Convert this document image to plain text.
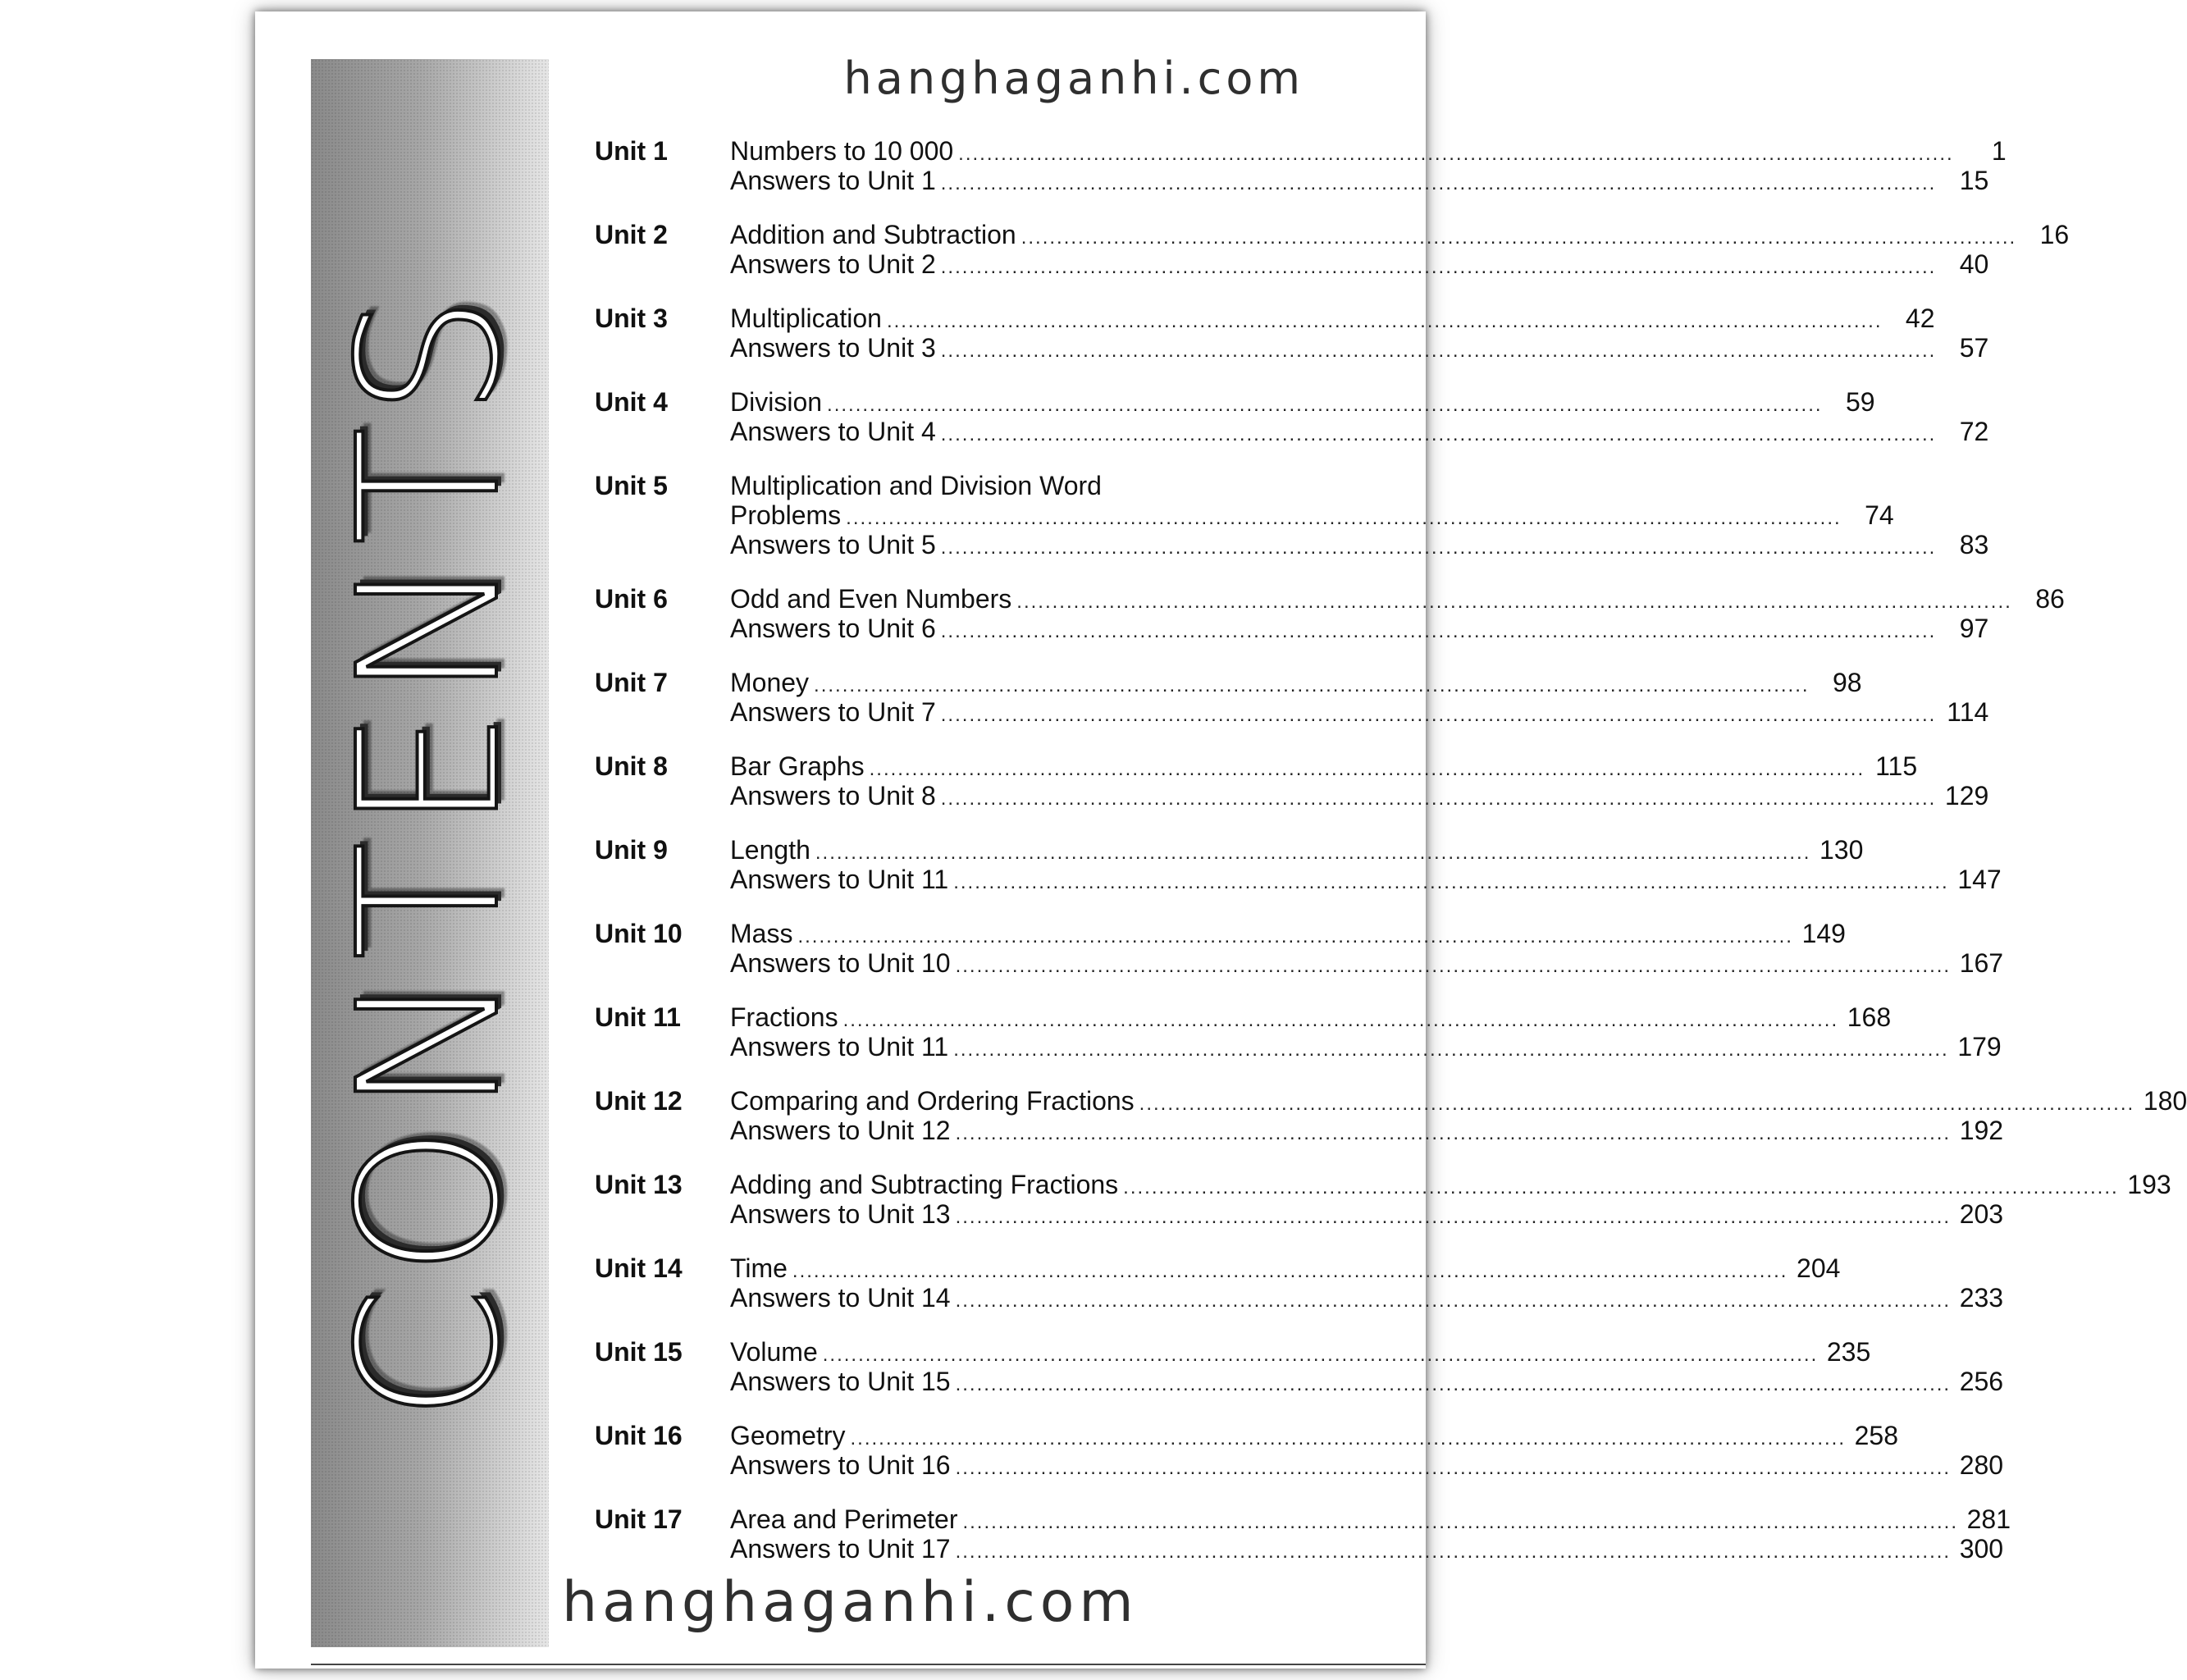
CONTENTS
hanghaganhi.com
Unit 1	Numbers to 10 000 ............................................................................................................................................	1
Answers to Unit 1 ............................................................................................................................................ 15
Unit 2	Addition and Subtraction ............................................................................................................................................ 16
Answers to Unit 2 ............................................................................................................................................ 40
Unit 3	Multiplication ............................................................................................................................................ 42
Answers to Unit 3 ............................................................................................................................................ 57
Unit 4	Division ............................................................................................................................................ 59
Answers to Unit 4 ............................................................................................................................................ 72
Unit 5	Multiplication and Division Word
Problems ............................................................................................................................................ 74
Answers to Unit 5 ............................................................................................................................................ 83
Unit 6	Odd and Even Numbers ............................................................................................................................................ 86
Answers to Unit 6 ............................................................................................................................................ 97
Unit 7	Money ............................................................................................................................................ 98
Answers to Unit 7 ............................................................................................................................................ 114
Unit 8	Bar Graphs ............................................................................................................................................ 115
Answers to Unit 8 ............................................................................................................................................ 129
Unit 9	Length ............................................................................................................................................ 130
Answers to Unit 11 ............................................................................................................................................ 147
Unit 10	Mass ............................................................................................................................................ 149
Answers to Unit 10 ............................................................................................................................................ 167
Unit 11	Fractions ............................................................................................................................................ 168
Answers to Unit 11 ............................................................................................................................................ 179
Unit 12	Comparing and Ordering Fractions ............................................................................................................................................ 180
Answers to Unit 12 ............................................................................................................................................ 192
Unit 13	Adding and Subtracting Fractions ............................................................................................................................................ 193
Answers to Unit 13 ............................................................................................................................................ 203
Unit 14	Time ............................................................................................................................................ 204
Answers to Unit 14 ............................................................................................................................................ 233
Unit 15	Volume ............................................................................................................................................ 235
Answers to Unit 15 ............................................................................................................................................ 256
Unit 16	Geometry ............................................................................................................................................ 258
Answers to Unit 16 ............................................................................................................................................ 280
Unit 17	Area and Perimeter ............................................................................................................................................ 281
Answers to Unit 17 ............................................................................................................................................ 300
hanghaganhi.com
